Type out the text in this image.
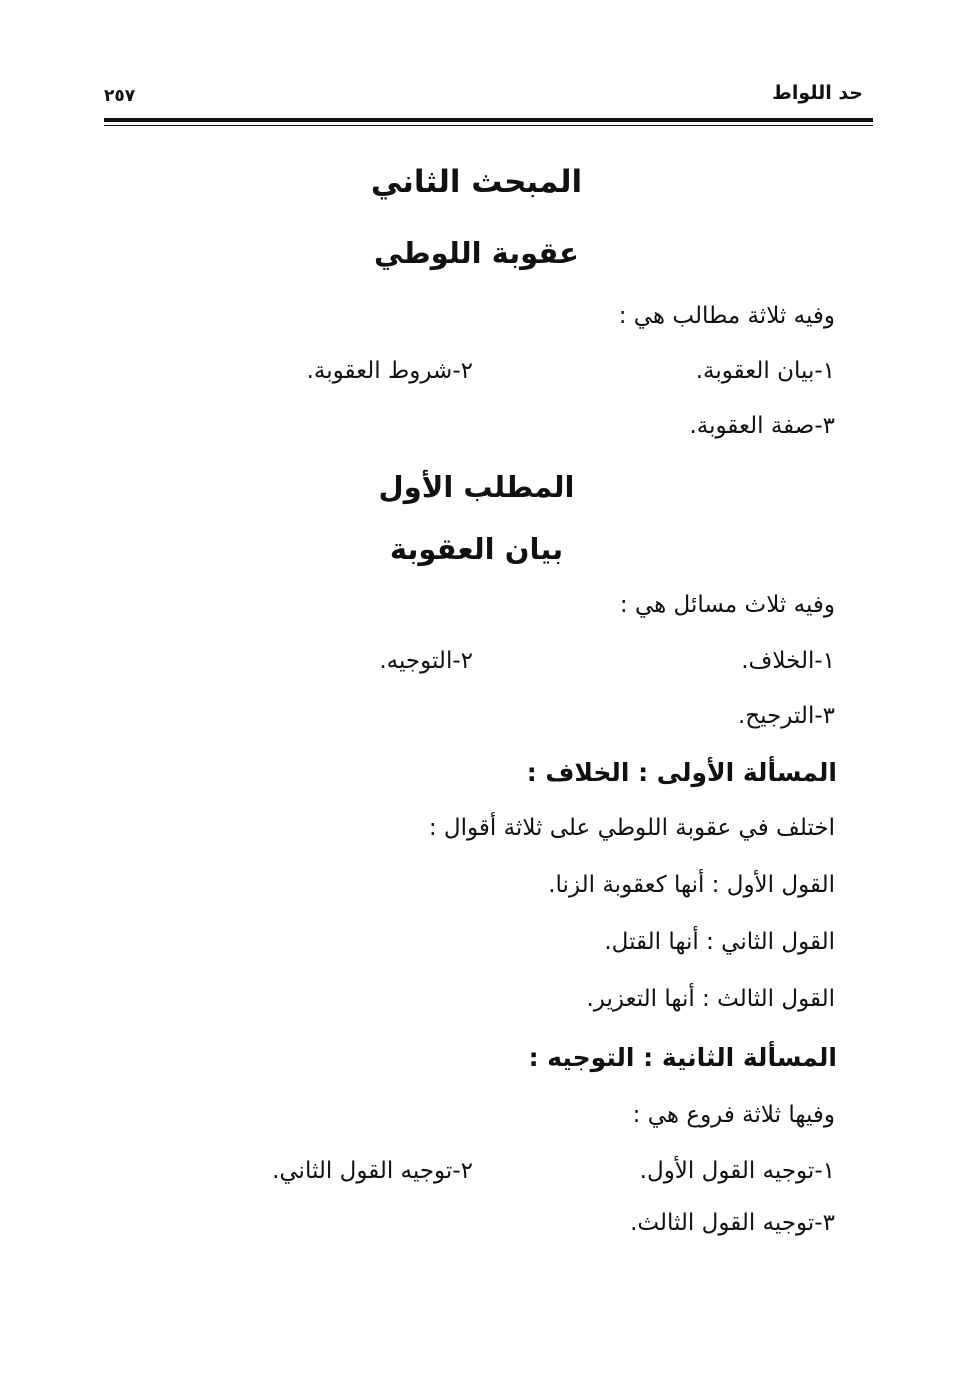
حد اللواط
٢٥٧
المبحث الثاني
عقوبة اللوطي
وفيه ثلاثة مطالب هي :
١-بيان العقوبة.
٢-شروط العقوبة.
٣-صفة العقوبة.
المطلب الأول
بيان العقوبة
وفيه ثلاث مسائل هي :
١-الخلاف.
٢-التوجيه.
٣-الترجيح.
المسألة الأولى : الخلاف :
اختلف في عقوبة اللوطي على ثلاثة أقوال :
القول الأول : أنها كعقوبة الزنا.
القول الثاني : أنها القتل.
القول الثالث : أنها التعزير.
المسألة الثانية : التوجيه :
وفيها ثلاثة فروع هي :
١-توجيه القول الأول.
٢-توجيه القول الثاني.
٣-توجيه القول الثالث.
